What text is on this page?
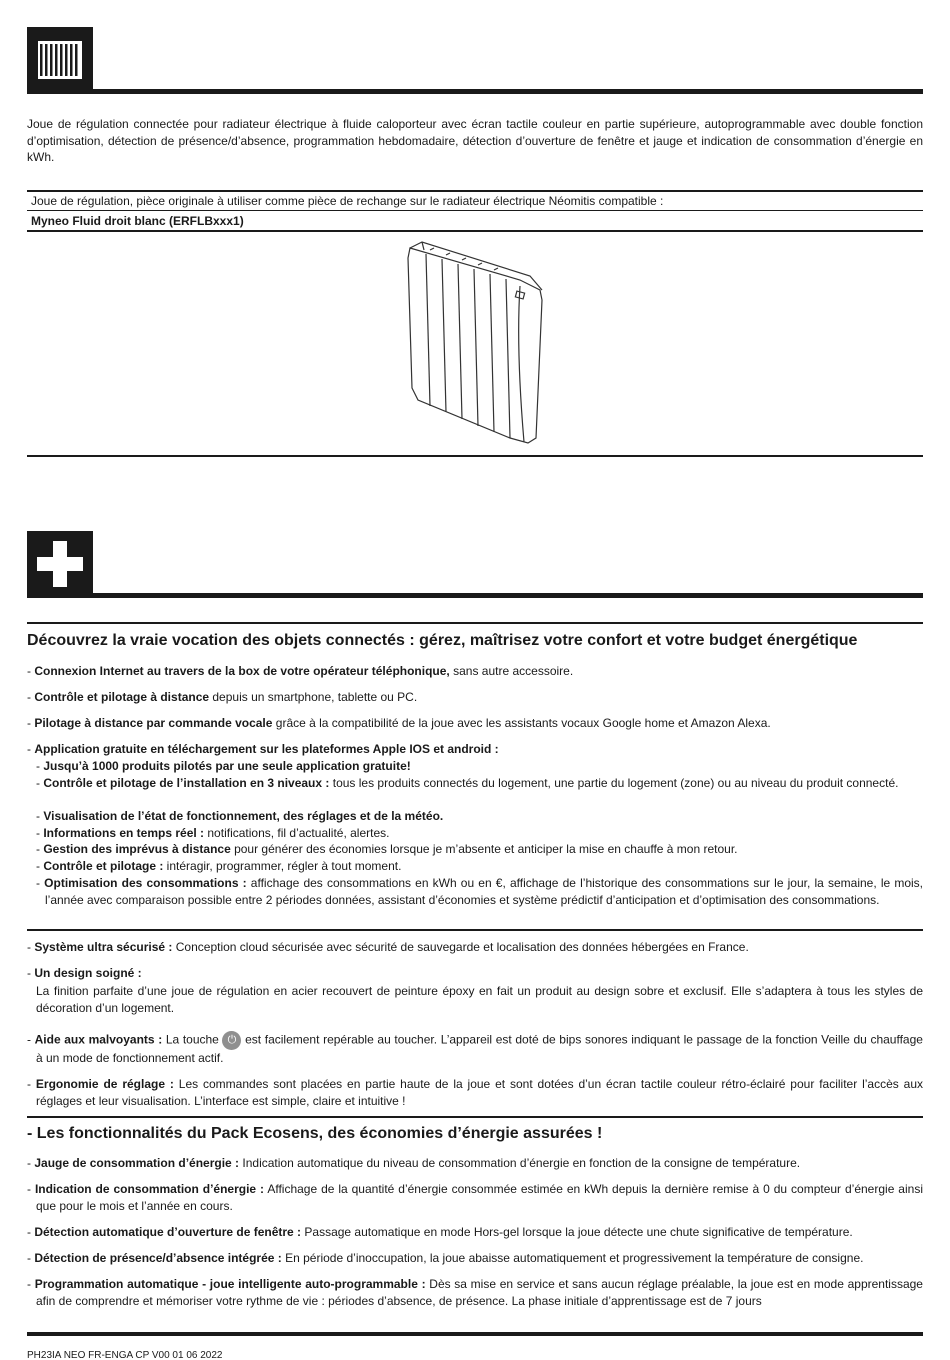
Joue de régulation connectée pour radiateur électrique à fluide caloporteur avec écran tactile couleur en partie supérieure, autoprogrammable avec double fonction d’optimisation, détection de présence/d’absence, programmation hebdomadaire, détection d’ouverture de fenêtre et jauge et indication de consommation d’énergie en kWh.
Joue de régulation, pièce originale à utiliser comme pièce de rechange sur le radiateur électrique Néomitis compatible :
Myneo Fluid droit blanc (ERFLBxxx1)
Découvrez la vraie vocation des objets connectés : gérez, maîtrisez votre confort et votre budget énergétique
- Connexion Internet au travers de la box de votre opérateur téléphonique, sans autre accessoire.
- Contrôle et pilotage à distance depuis un smartphone, tablette ou PC.
- Pilotage à distance par commande vocale grâce à la compatibilité de la joue avec les assistants vocaux Google home et Amazon Alexa.
- Application gratuite en téléchargement sur les plateformes Apple IOS et android :
- Jusqu’à 1000 produits pilotés par une seule application gratuite!
- Contrôle et pilotage de l’installation en 3 niveaux : tous les produits connectés du logement, une partie du logement (zone) ou au niveau du produit connecté.
- Visualisation de l’état de fonctionnement, des réglages et de la météo.
- Informations en temps réel : notifications, fil d’actualité, alertes.
- Gestion des imprévus à distance pour générer des économies lorsque je m’absente et anticiper la mise en chauffe à mon retour.
- Contrôle et pilotage : intéragir, programmer, régler à tout moment.
- Optimisation des consommations : affichage des consommations en kWh ou en €, affichage de l’historique des consommations sur le jour, la semaine, le mois, l’année avec comparaison possible entre 2 périodes données, assistant d’économies et système prédictif d’anticipation et d’optimisation des consommations.
- Système ultra sécurisé : Conception cloud sécurisée avec sécurité de sauvegarde et localisation des données hébergées en France.
- Un design soigné :
La finition parfaite d’une joue de régulation en acier recouvert de peinture époxy en fait un produit au design sobre et exclusif. Elle s’adaptera à tous les styles de décoration d’un logement.
- Aide aux malvoyants : La touche ⏻ est facilement repérable au toucher. L’appareil est doté de bips sonores indiquant le passage de la fonction Veille du chauffage à un mode de fonctionnement actif.
- Ergonomie de réglage : Les commandes sont placées en partie haute de la joue et sont dotées d’un écran tactile couleur rétro-éclairé pour faciliter l’accès aux réglages et leur visualisation. L’interface est simple, claire et intuitive !
- Les fonctionnalités du Pack Ecosens, des économies d’énergie assurées !
- Jauge de consommation d’énergie : Indication automatique du niveau de consommation d’énergie en fonction de la consigne de température.
- Indication de consommation d’énergie : Affichage de la quantité d’énergie consommée estimée en kWh depuis la dernière remise à 0 du compteur d’énergie ainsi que pour le mois et l’année en cours.
- Détection automatique d’ouverture de fenêtre : Passage automatique en mode Hors-gel lorsque la joue détecte une chute significative de température.
- Détection de présence/d’absence intégrée : En période d’inoccupation, la joue abaisse automatiquement et progressivement la température de consigne.
- Programmation automatique - joue intelligente auto-programmable : Dès sa mise en service et sans aucun réglage préalable, la joue est en mode apprentissage afin de comprendre et mémoriser votre rythme de vie : périodes d’absence, de présence. La phase initiale d’apprentissage est de 7 jours
PH23IA NEO FR-ENGA CP V00 01 06 2022
